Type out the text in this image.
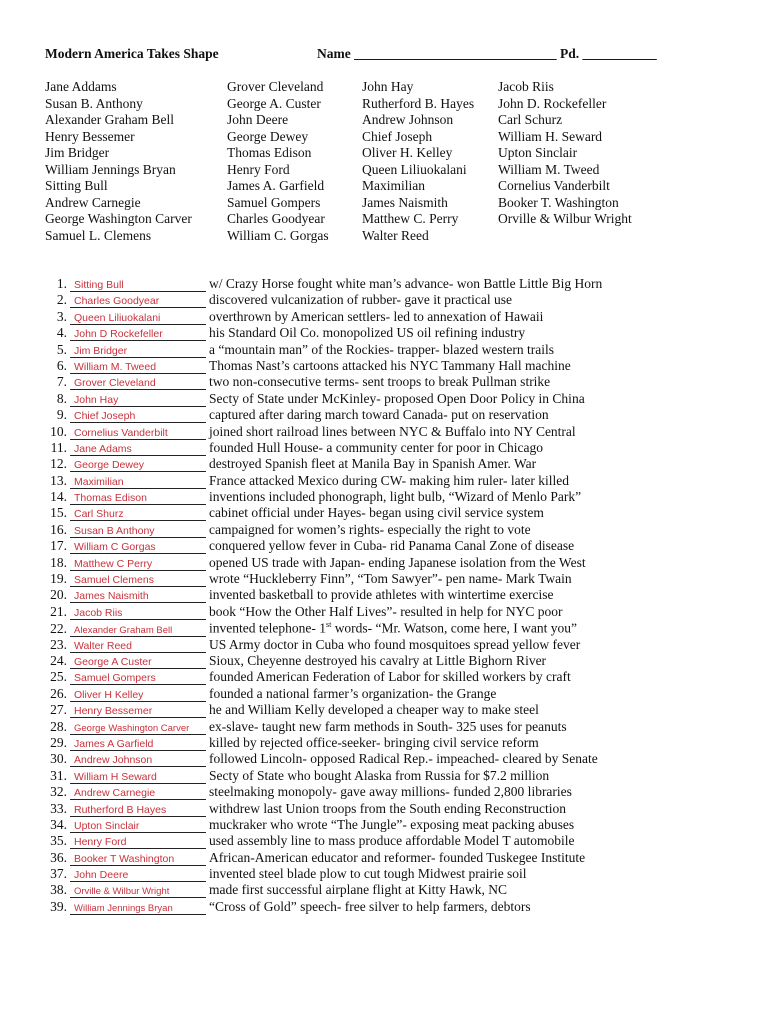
Modern America Takes Shape	Name ______________________________ Pd. ___________
Jane Addams
Susan B. Anthony
Alexander Graham Bell
Henry Bessemer
Jim Bridger
William Jennings Bryan
Sitting Bull
Andrew Carnegie
George Washington Carver
Samuel L. Clemens
Grover Cleveland
George A. Custer
John Deere
George Dewey
Thomas Edison
Henry Ford
James A. Garfield
Samuel Gompers
Charles Goodyear
William C. Gorgas
John Hay
Rutherford B. Hayes
Andrew Johnson
Chief Joseph
Oliver H. Kelley
Queen Liliuokalani
Maximilian
James Naismith
Matthew C. Perry
Walter Reed
Jacob Riis
John D. Rockefeller
Carl Schurz
William H. Seward
Upton Sinclair
William M. Tweed
Cornelius Vanderbilt
Booker T. Washington
Orville & Wilbur Wright
1. Sitting Bull	w/ Crazy Horse fought white man’s advance- won Battle Little Big Horn
2. Charles Goodyear	discovered vulcanization of rubber- gave it practical use
3. Queen Liliuokalani	overthrown by American settlers- led to annexation of Hawaii
4. John D Rockefeller	his Standard Oil Co. monopolized US oil refining industry
5. Jim Bridger	a “mountain man” of the Rockies- trapper- blazed western trails
6. William M. Tweed	Thomas Nast’s cartoons attacked his NYC Tammany Hall machine
7. Grover Cleveland	two non-consecutive terms- sent troops to break Pullman strike
8. John Hay	Secty of State under McKinley- proposed Open Door Policy in China
9. Chief Joseph	captured after daring march toward Canada- put on reservation
10. Cornelius Vanderbilt	joined short railroad lines between NYC & Buffalo into NY Central
11. Jane Adams	founded Hull House- a community center for poor in Chicago
12. George Dewey	destroyed Spanish fleet at Manila Bay in Spanish Amer. War
13. Maximilian	France attacked Mexico during CW- making him ruler- later killed
14. Thomas Edison	inventions included phonograph, light bulb, “Wizard of Menlo Park”
15. Carl Shurz	cabinet official under Hayes- began using civil service system
16. Susan B Anthony	campaigned for women’s rights- especially the right to vote
17. William C Gorgas	conquered yellow fever in Cuba- rid Panama Canal Zone of disease
18. Matthew C Perry	opened US trade with Japan- ending Japanese isolation from the West
19. Samuel Clemens	wrote “Huckleberry Finn”, “Tom Sawyer”- pen name- Mark Twain
20. James Naismith	invented basketball to provide athletes with wintertime exercise
21. Jacob Riis	book “How the Other Half Lives”- resulted in help for NYC poor
22. Alexander Graham Bell	invented telephone- 1st words- “Mr. Watson, come here, I want you”
23. Walter Reed	US Army doctor in Cuba who found mosquitoes spread yellow fever
24. George A Custer	Sioux, Cheyenne destroyed his cavalry at Little Bighorn River
25. Samuel Gompers	founded American Federation of Labor for skilled workers by craft
26. Oliver H Kelley	founded a national farmer’s organization- the Grange
27. Henry Bessemer	he and William Kelly developed a cheaper way to make steel
28. George Washington Carver	ex-slave- taught new farm methods in South- 325 uses for peanuts
29. James A Garfield	killed by rejected office-seeker- bringing civil service reform
30. Andrew Johnson	followed Lincoln- opposed Radical Rep.- impeached- cleared by Senate
31. William H Seward	Secty of State who bought Alaska from Russia for $7.2 million
32. Andrew Carnegie	steelmaking monopoly- gave away millions- funded 2,800 libraries
33. Rutherford B Hayes	withdrew last Union troops from the South ending Reconstruction
34. Upton Sinclair	muckraker who wrote “The Jungle”- exposing meat packing abuses
35. Henry Ford	used assembly line to mass produce affordable Model T automobile
36. Booker T Washington	African-American educator and reformer- founded Tuskegee Institute
37. John Deere	invented steel blade plow to cut tough Midwest prairie soil
38. Orville & Wilbur Wright	made first successful airplane flight at Kitty Hawk, NC
39. William Jennings Bryan	“Cross of Gold” speech- free silver to help farmers, debtors
